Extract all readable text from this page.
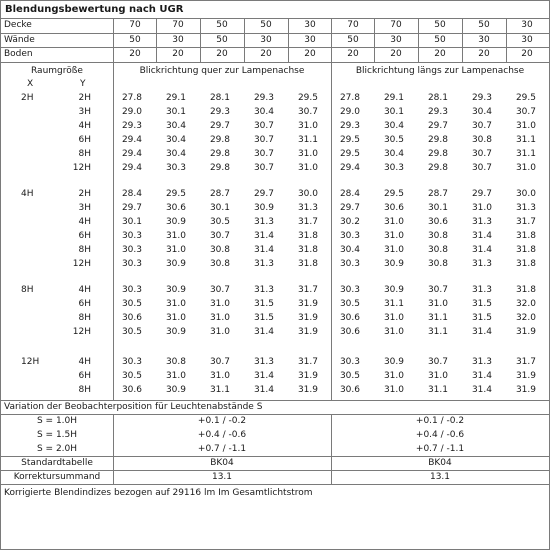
Blendungsbewertung nach UGR
Raumgröße
X	Y
Blickrichtung quer zur Lampenachse	Blickrichtung längs zur Lampenachse
Variation der Beobachterposition für Leuchtenabstände S
S = 1.0H	+0.1 / -0.2	+0.1 / -0.2
S = 1.5H	+0.4 / -0.6	+0.4 / -0.6
S = 2.0H	+0.7 / -1.1	+0.7 / -1.1
Standardtabelle	BK04	BK04
Korrektursummand	13.1	13.1
Korrigierte Blendindizes bezogen auf 29116 lm Im Gesamtlichtstrom
Decke	70	70	50	50	30	70	70	50	50	30
Wände	50	30	50	30	30	50	30	50	30	30
Boden	20	20	20	20	20	20	20	20	20	20
2H	2H	27.8	29.1	28.1	29.3	29.5 27.8	29.1	28.1	29.3	29.5
3H	29.0	30.1	29.3	30.4	30.7 29.0	30.1	29.3	30.4	30.7
4H	29.3	30.4	29.7	30.7	31.0 29.3	30.4	29.7	30.7	31.0
6H	29.4	30.4	29.8	30.7	31.1 29.5	30.5	29.8	30.8	31.1
8H	29.4	30.4	29.8	30.7	31.0 29.5	30.4	29.8	30.7	31.1
12H	29.4	30.3	29.8	30.7	31.0 29.4	30.3	29.8	30.7	31.0
4H	2H	28.4	29.5	28.7	29.7	30.0 28.4	29.5	28.7	29.7	30.0
3H	29.7	30.6	30.1	30.9	31.3 29.7	30.6	30.1	31.0	31.3
4H	30.1	30.9	30.5	31.3	31.7 30.2	31.0	30.6	31.3	31.7
6H	30.3	31.0	30.7	31.4	31.8 30.3	31.0	30.8	31.4	31.8
8H	30.3	31.0	30.8	31.4	31.8 30.4	31.0	30.8	31.4	31.8
12H	30.3	30.9	30.8	31.3	31.8 30.3	30.9	30.8	31.3	31.8
8H	4H	30.3	30.9	30.7	31.3	31.7 30.3	30.9	30.7	31.3	31.8
6H	30.5	31.0	31.0	31.5	31.9 30.5	31.1	31.0	31.5	32.0
8H	30.6	31.0	31.0	31.5	31.9 30.6	31.0	31.1	31.5	32.0
12H	30.5	30.9	31.0	31.4	31.9 30.6	31.0	31.1	31.4	31.9
12H	4H	30.3	30.8	30.7	31.3	31.7 30.3	30.9	30.7	31.3	31.7
6H	30.5	31.0	31.0	31.4	31.9 30.5	31.0	31.0	31.4	31.9
8H	30.6	30.9	31.1	31.4	31.9 30.6	31.0	31.1	31.4	31.9
